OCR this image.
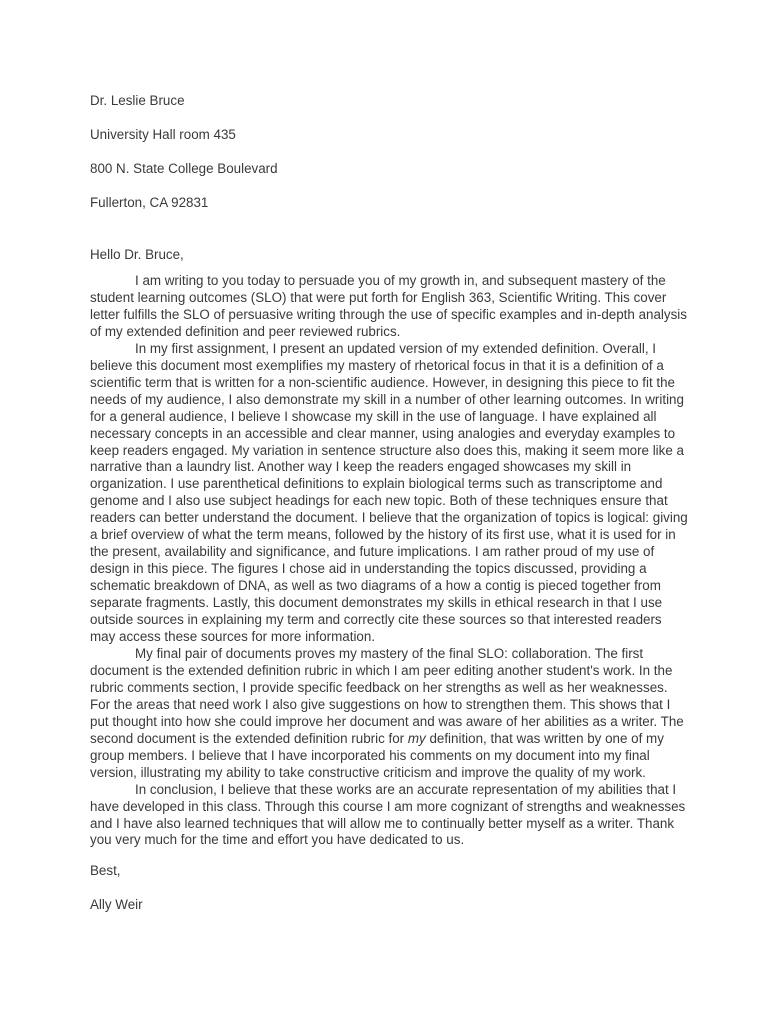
Dr. Leslie Bruce

University Hall room 435

800 N. State College Boulevard

Fullerton, CA 92831

Hello Dr. Bruce,

I am writing to you today to persuade you of my growth in, and subsequent mastery of the student learning outcomes (SLO) that were put forth for English 363, Scientific Writing. This cover letter fulfills the SLO of persuasive writing through the use of specific examples and in-depth analysis of my extended definition and peer reviewed rubrics.

In my first assignment, I present an updated version of my extended definition. Overall, I believe this document most exemplifies my mastery of rhetorical focus in that it is a definition of a scientific term that is written for a non-scientific audience. However, in designing this piece to fit the needs of my audience, I also demonstrate my skill in a number of other learning outcomes. In writing for a general audience, I believe I showcase my skill in the use of language. I have explained all necessary concepts in an accessible and clear manner, using analogies and everyday examples to keep readers engaged. My variation in sentence structure also does this, making it seem more like a narrative than a laundry list. Another way I keep the readers engaged showcases my skill in organization. I use parenthetical definitions to explain biological terms such as transcriptome and genome and I also use subject headings for each new topic. Both of these techniques ensure that readers can better understand the document. I believe that the organization of topics is logical: giving a brief overview of what the term means, followed by the history of its first use, what it is used for in the present, availability and significance, and future implications. I am rather proud of my use of design in this piece. The figures I chose aid in understanding the topics discussed, providing a schematic breakdown of DNA, as well as two diagrams of a how a contig is pieced together from separate fragments. Lastly, this document demonstrates my skills in ethical research in that I use outside sources in explaining my term and correctly cite these sources so that interested readers may access these sources for more information.

My final pair of documents proves my mastery of the final SLO: collaboration. The first document is the extended definition rubric in which I am peer editing another student's work. In the rubric comments section, I provide specific feedback on her strengths as well as her weaknesses. For the areas that need work I also give suggestions on how to strengthen them. This shows that I put thought into how she could improve her document and was aware of her abilities as a writer. The second document is the extended definition rubric for my definition, that was written by one of my group members. I believe that I have incorporated his comments on my document into my final version, illustrating my ability to take constructive criticism and improve the quality of my work.

In conclusion, I believe that these works are an accurate representation of my abilities that I have developed in this class. Through this course I am more cognizant of strengths and weaknesses and I have also learned techniques that will allow me to continually better myself as a writer. Thank you very much for the time and effort you have dedicated to us.

Best,

Ally Weir
